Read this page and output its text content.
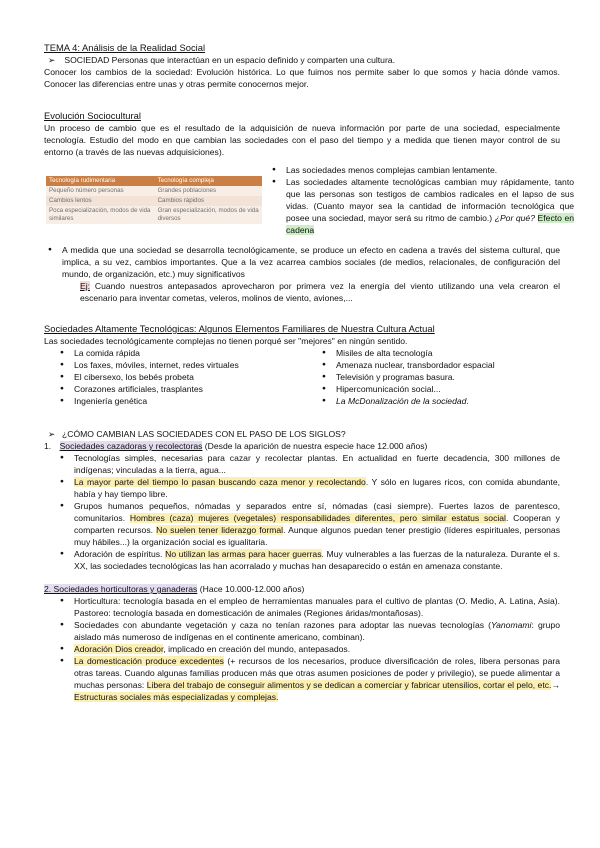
TEMA 4: Análisis de la Realidad Social
➢ SOCIEDAD Personas que interactúan en un espacio definido y comparten una cultura.
Conocer los cambios de la sociedad: Evolución histórica. Lo que fuimos nos permite saber lo que somos y hacia dónde vamos. Conocer las diferencias entre unas y otras permite conocernos mejor.
Evolución Sociocultural
Un proceso de cambio que es el resultado de la adquisición de nueva información por parte de una sociedad, especialmente tecnología. Estudio del modo en que cambian las sociedades con el paso del tiempo y a medida que tienen mayor control de su entorno (a través de las nuevas adquisiciones).
Tecnología rudimentaria	Tecnología compleja
Pequeño número personas	Grandes poblaciones
Cambios lentos	Cambios rápidos
Poca especialización, modos de vida similares	Gran especialización, modos de vida diversos
● Las sociedades menos complejas cambian lentamente.
● Las sociedades altamente tecnológicas cambian muy rápidamente, tanto que las personas son testigos de cambios radicales en el lapso de sus vidas. (Cuanto mayor sea la cantidad de información tecnológica que posee una sociedad, mayor será su ritmo de cambio.) ¿Por qué? Efecto en cadena
● A medida que una sociedad se desarrolla tecnológicamente, se produce un efecto en cadena a través del sistema cultural, que implica, a su vez, cambios importantes. Que a la vez acarrea cambios sociales (de medios, relacionales, de configuración del mundo, de organización, etc.) muy significativos
Ej: Cuando nuestros antepasados aprovecharon por primera vez la energía del viento utilizando una vela crearon el escenario para inventar cometas, veleros, molinos de viento, aviones,...
Sociedades Altamente Tecnológicas: Algunos Elementos Familiares de Nuestra Cultura Actual
Las sociedades tecnológicamente complejas no tienen porqué ser "mejores" en ningún sentido.
● La comida rápida
● Los faxes, móviles, internet, redes virtuales
● El cibersexo, los bebés probeta
● Corazones artificiales, trasplantes
● Ingeniería genética
● Misiles de alta tecnología
● Amenaza nuclear, transbordador espacial
● Televisión y programas basura.
● Hipercomunicación social...
● La McDonalización de la sociedad.
➢ ¿CÓMO CAMBIAN LAS SOCIEDADES CON EL PASO DE LOS SIGLOS?
1. Sociedades cazadoras y recolectoras (Desde la aparición de nuestra especie hace 12.000 años)
● Tecnologías simples, necesarias para cazar y recolectar plantas. En actualidad en fuerte decadencia, 300 millones de indígenas; vinculadas a la tierra, agua...
● La mayor parte del tiempo lo pasan buscando caza menor y recolectando. Y sólo en lugares ricos, con comida abundante, había y hay tiempo libre.
● Grupos humanos pequeños, nómadas y separados entre sí, nómadas (casi siempre). Fuertes lazos de parentesco, comunitarios. Hombres (caza) mujeres (vegetales) responsabilidades diferentes, pero similar estatus social. Cooperan y comparten recursos. No suelen tener liderazgo formal. Aunque algunos puedan tener prestigio (líderes espirituales, personas muy hábiles...) la organización social es igualitaria.
● Adoración de espíritus. No utilizan las armas para hacer guerras. Muy vulnerables a las fuerzas de la naturaleza. Durante el s. XX, las sociedades tecnológicas las han acorralado y muchas han desaparecido o están en amenaza constante.
2. Sociedades horticultoras y ganaderas (Hace 10.000-12.000 años)
● Horticultura: tecnología basada en el empleo de herramientas manuales para el cultivo de plantas (O. Medio, A. Latina, Asia). Pastoreo: tecnología basada en domesticación de animales (Regiones áridas/montañosas).
● Sociedades con abundante vegetación y caza no tenían razones para adoptar las nuevas tecnologías (Yanomami: grupo aislado más numeroso de indígenas en el continente americano, combinan).
● Adoración Dios creador, implicado en creación del mundo, antepasados.
● La domesticación produce excedentes (+ recursos de los necesarios, produce diversificación de roles, libera personas para otras tareas. Cuando algunas familias producen más que otras asumen posiciones de poder y privilegio), se puede alimentar a muchas personas: Libera del trabajo de conseguir alimentos y se dedican a comerciar y fabricar utensilios, cortar el pelo, etc.→ Estructuras sociales más especializadas y complejas.
